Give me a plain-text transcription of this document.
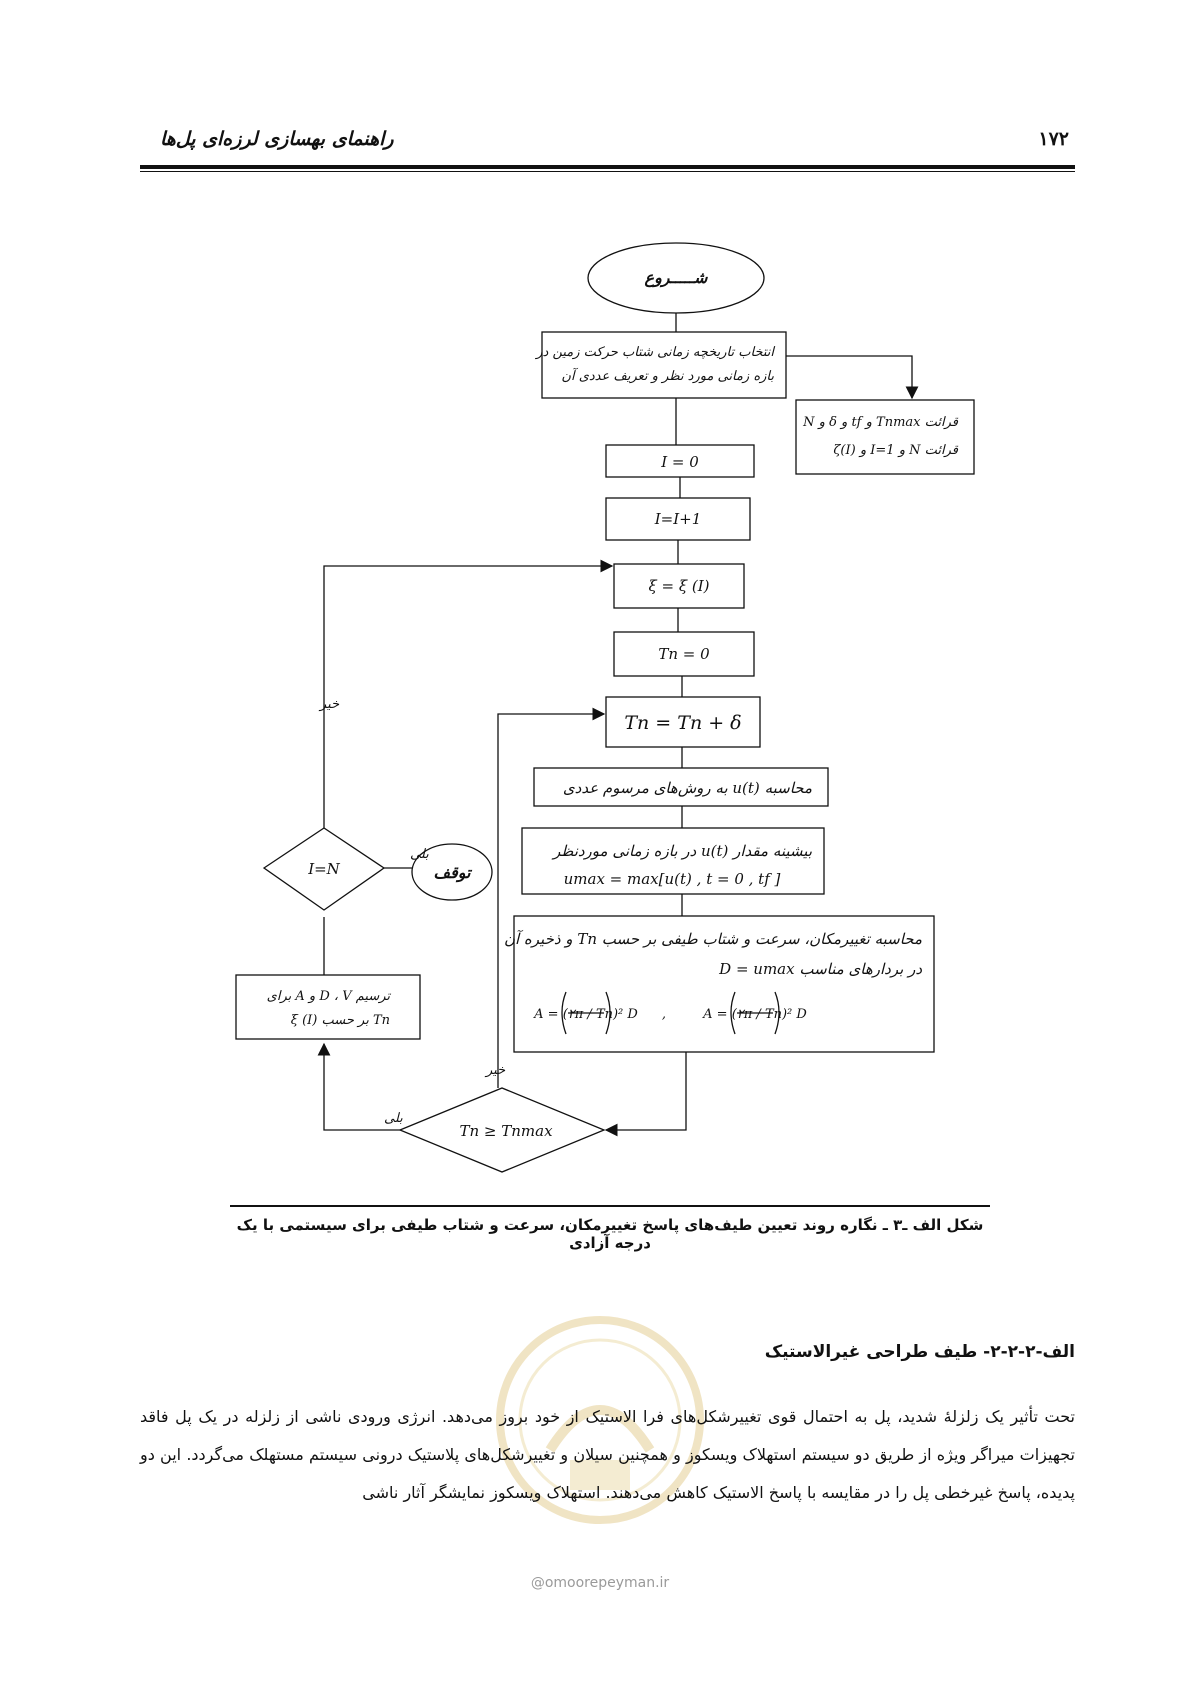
راهنمای بهسازی لرزه‌ای پل‌ها	۱۷۲
شـــــروع
انتخاب تاریخچه زمانی شتاب حرکت زمین در
بازه زمانی مورد نظر و تعریف عددی آن
قرائت Tnmax و tf و δ و N
قرائت N و I=1 و ζ(I)
I = 0
I=I+1
ξ = ξ (I)
Tn = 0
Tn = Tn + δ
محاسبه u(t) به روش‌های مرسوم عددی
بیشینه مقدار u(t) در بازه زمانی موردنظر
umax = max[u(t) , t = 0 , tf ]
محاسبه تغییرمکان، سرعت و شتاب طیفی بر حسب Tn و ذخیره آن
در بردارهای مناسب D = umax
A = (۲π / Tn)² D ,	A = (۲π / Tn)² D
Tn ≥ Tnmax
I=N	توقف
ترسیم D ، V و A برای
Tn بر حسب ξ (I)
خیر
خیر
بلی
بلی
شکل الف ـ۳ ـ نگاره روند تعیین طیف‌های پاسخ تغییرمکان، سرعت و شتاب طیفی برای سیستمی با یک درجه آزادی
@omoorepeyman.ir
الف-۲-۲-۲- طیف طراحی غیرالاستیک
تحت تأثیر یک زلزلهٔ شدید، پل به احتمال قوی تغییرشکل‌های فرا الاستیک از خود بروز می‌دهد. انرژی ورودی ناشی از زلزله در یک پل فاقد تجهیزات میراگر ویژه از طریق دو سیستم استهلاک ویسکوز و همچنین سیلان و تغییرشکل‌های پلاستیک درونی سیستم مستهلک می‌گردد. این دو پدیده، پاسخ غیرخطی پل را در مقایسه با پاسخ الاستیک کاهش می‌دهند. استهلاک ویسکوز نمایشگر آثار ناشی
